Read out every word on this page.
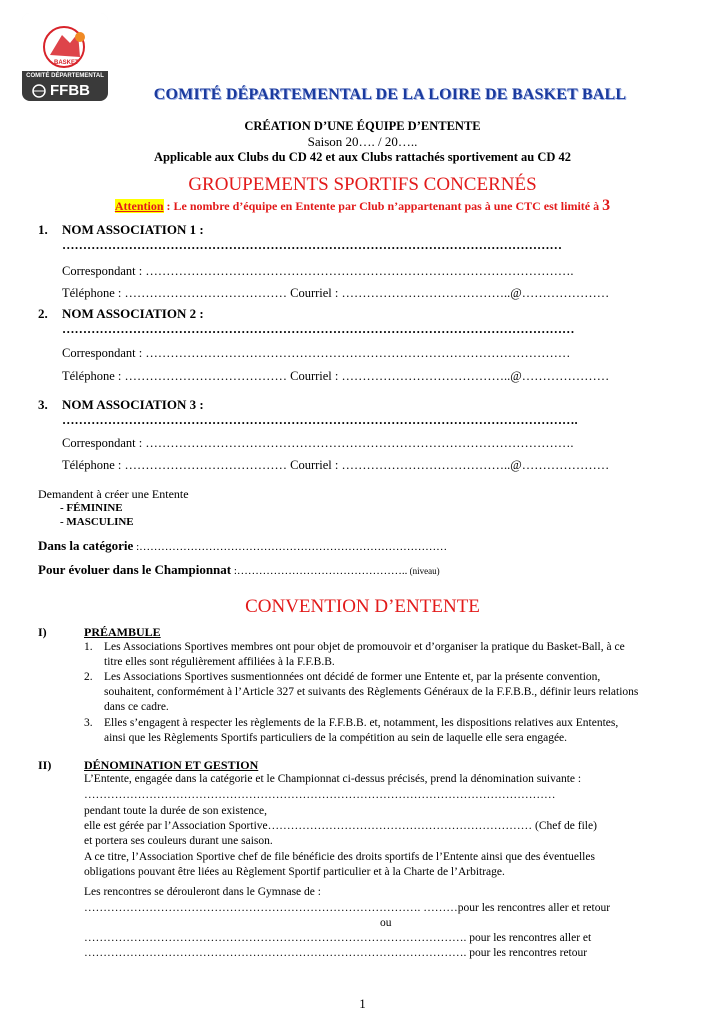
BASKET
COMITÉ DÉPARTEMENTAL
FFBB	COMITÉ DÉPARTEMENTAL DE LA LOIRE DE BASKET BALL
CRÉATION D’UNE ÉQUIPE D’ENTENTE
Saison 20…. / 20…..
Applicable aux Clubs du CD 42 et aux Clubs rattachés sportivement au CD 42
GROUPEMENTS SPORTIFS CONCERNÉS
Attention : Le nombre d’équipe en Entente par Club n’appartenant pas à une CTC est limité à 3
1. NOM ASSOCIATION 1 :
…………………………………………………………………………………………………………
Correspondant : ………………………………………………………………………………………….
Téléphone : ………………………………… Courriel : …………………………………..@…………………
2. NOM ASSOCIATION 2 :
……………………………………………………………………………………………………………
Correspondant : …………………………………………………………………………………………
Téléphone : ………………………………… Courriel : …………………………………..@…………………
3. NOM ASSOCIATION 3 :
…………………………………………………………………………………………………………….
Correspondant : ………………………………………………………………………………………….
Téléphone : ………………………………… Courriel : …………………………………..@…………………
Demandent à créer une Entente
- FÉMININE
- MASCULINE
Dans la catégorie :…………………………………………………………………………
Pour évoluer dans le Championnat :……………………………………….. (niveau)
CONVENTION D’ENTENTE
I)	PRÉAMBULE
1. Les Associations Sportives membres ont pour objet de promouvoir et d’organiser la pratique du Basket-Ball, à ce
titre elles sont régulièrement affiliées à la F.F.B.B.
2. Les Associations Sportives susmentionnées ont décidé de former une Entente et, par la présente convention,
souhaitent, conformément à l’Article 327 et suivants des Règlements Généraux de la F.F.B.B., définir leurs relations
dans ce cadre.
3. Elles s’engagent à respecter les règlements de la F.F.B.B. et, notamment, les dispositions relatives aux Ententes,
ainsi que les Règlements Sportifs particuliers de la compétition au sein de laquelle elle sera engagée.
II)	DÉNOMINATION ET GESTION
L’Entente, engagée dans la catégorie et le Championnat ci-dessus précisés, prend la dénomination suivante :
……………………………………………………………………………………………………………
pendant toute la durée de son existence,
elle est gérée par l’Association Sportive…………………………………………………………… (Chef de file)
et portera ses couleurs durant une saison.
A ce titre, l’Association Sportive chef de file bénéficie des droits sportifs de l’Entente ainsi que des éventuelles
obligations pouvant être liées au Règlement Sportif particulier et à la Charte de l’Arbitrage.
Les rencontres se dérouleront dans le Gymnase de :
……………………………………………………………………………. ………pour les rencontres aller et retour
ou
………………………………………………………………………………………. pour les rencontres aller et
………………………………………………………………………………………. pour les rencontres retour
1
